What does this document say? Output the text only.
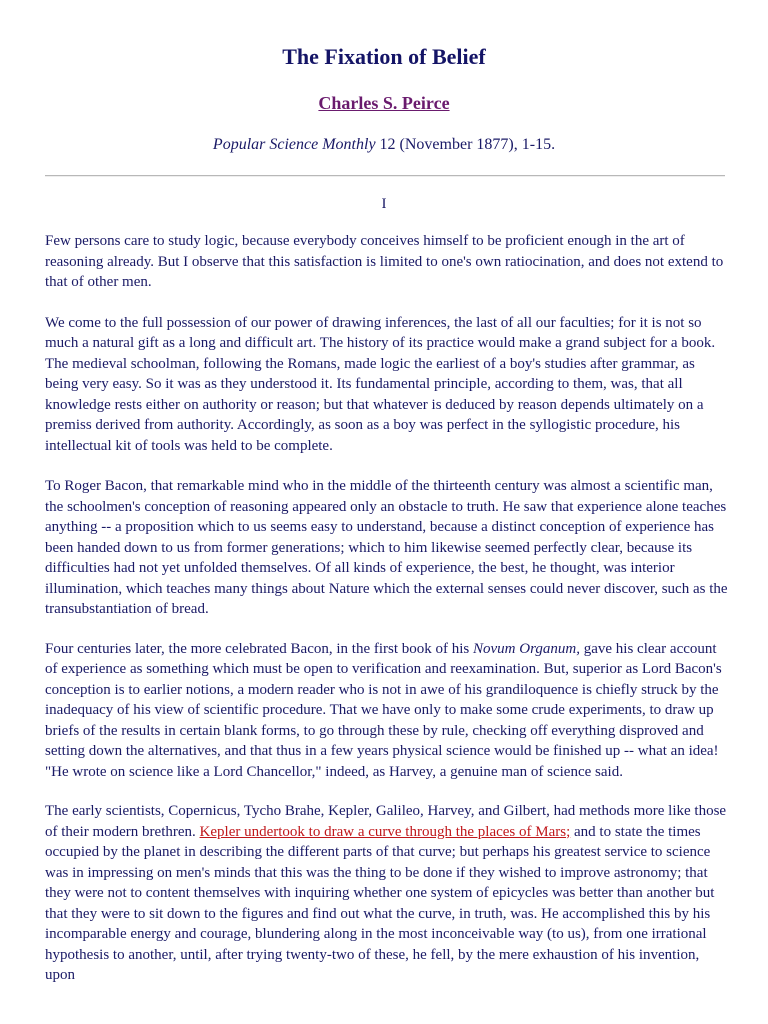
The Fixation of Belief

Charles S. Peirce

Popular Science Monthly 12 (November 1877), 1-15.

I

Few persons care to study logic, because everybody conceives himself to be proficient enough in the art of reasoning already. But I observe that this satisfaction is limited to one's own ratiocination, and does not extend to that of other men.

We come to the full possession of our power of drawing inferences, the last of all our faculties; for it is not so much a natural gift as a long and difficult art. The history of its practice would make a grand subject for a book. The medieval schoolman, following the Romans, made logic the earliest of a boy's studies after grammar, as being very easy. So it was as they understood it. Its fundamental principle, according to them, was, that all knowledge rests either on authority or reason; but that whatever is deduced by reason depends ultimately on a premiss derived from authority. Accordingly, as soon as a boy was perfect in the syllogistic procedure, his intellectual kit of tools was held to be complete.

To Roger Bacon, that remarkable mind who in the middle of the thirteenth century was almost a scientific man, the schoolmen's conception of reasoning appeared only an obstacle to truth. He saw that experience alone teaches anything -- a proposition which to us seems easy to understand, because a distinct conception of experience has been handed down to us from former generations; which to him likewise seemed perfectly clear, because its difficulties had not yet unfolded themselves. Of all kinds of experience, the best, he thought, was interior illumination, which teaches many things about Nature which the external senses could never discover, such as the transubstantiation of bread.

Four centuries later, the more celebrated Bacon, in the first book of his Novum Organum, gave his clear account of experience as something which must be open to verification and reexamination. But, superior as Lord Bacon's conception is to earlier notions, a modern reader who is not in awe of his grandiloquence is chiefly struck by the inadequacy of his view of scientific procedure. That we have only to make some crude experiments, to draw up briefs of the results in certain blank forms, to go through these by rule, checking off everything disproved and setting down the alternatives, and that thus in a few years physical science would be finished up -- what an idea! "He wrote on science like a Lord Chancellor," indeed, as Harvey, a genuine man of science said.

The early scientists, Copernicus, Tycho Brahe, Kepler, Galileo, Harvey, and Gilbert, had methods more like those of their modern brethren. Kepler undertook to draw a curve through the places of Mars; and to state the times occupied by the planet in describing the different parts of that curve; but perhaps his greatest service to science was in impressing on men's minds that this was the thing to be done if they wished to improve astronomy; that they were not to content themselves with inquiring whether one system of epicycles was better than another but that they were to sit down to the figures and find out what the curve, in truth, was. He accomplished this by his incomparable energy and courage, blundering along in the most inconceivable way (to us), from one irrational hypothesis to another, until, after trying twenty-two of these, he fell, by the mere exhaustion of his invention, upon
